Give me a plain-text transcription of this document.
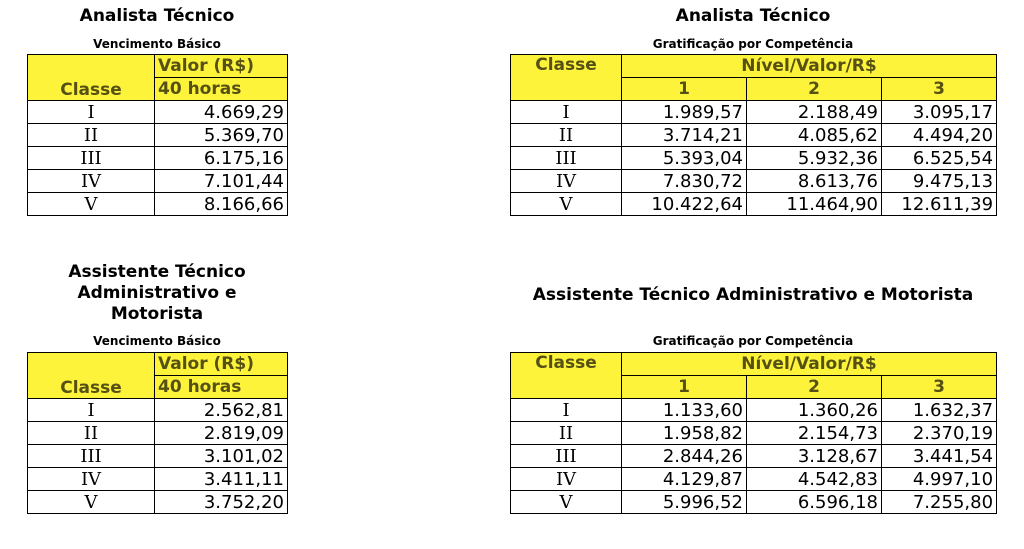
Analista Técnico
Vencimento Básico
Classe	Valor (R$)
	40 horas
I	4.669,29
II	5.369,70
III	6.175,16
IV	7.101,44
V	8.166,66
Analista Técnico
Gratificação por Competência
Classe	Nível/Valor/R$		
	1	2	3
I	1.989,57	2.188,49	3.095,17
II	3.714,21	4.085,62	4.494,20
III	5.393,04	5.932,36	6.525,54
IV	7.830,72	8.613,76	9.475,13
V	10.422,64	11.464,90	12.611,39
Assistente Técnico
Administrativo e
Motorista
Vencimento Básico
Classe	Valor (R$)
	40 horas
I	2.562,81
II	2.819,09
III	3.101,02
IV	3.411,11
V	3.752,20
Assistente Técnico Administrativo e Motorista
Gratificação por Competência
Classe	Nível/Valor/R$		
	1	2	3
I	1.133,60	1.360,26	1.632,37
II	1.958,82	2.154,73	2.370,19
III	2.844,26	3.128,67	3.441,54
IV	4.129,87	4.542,83	4.997,10
V	5.996,52	6.596,18	7.255,80
